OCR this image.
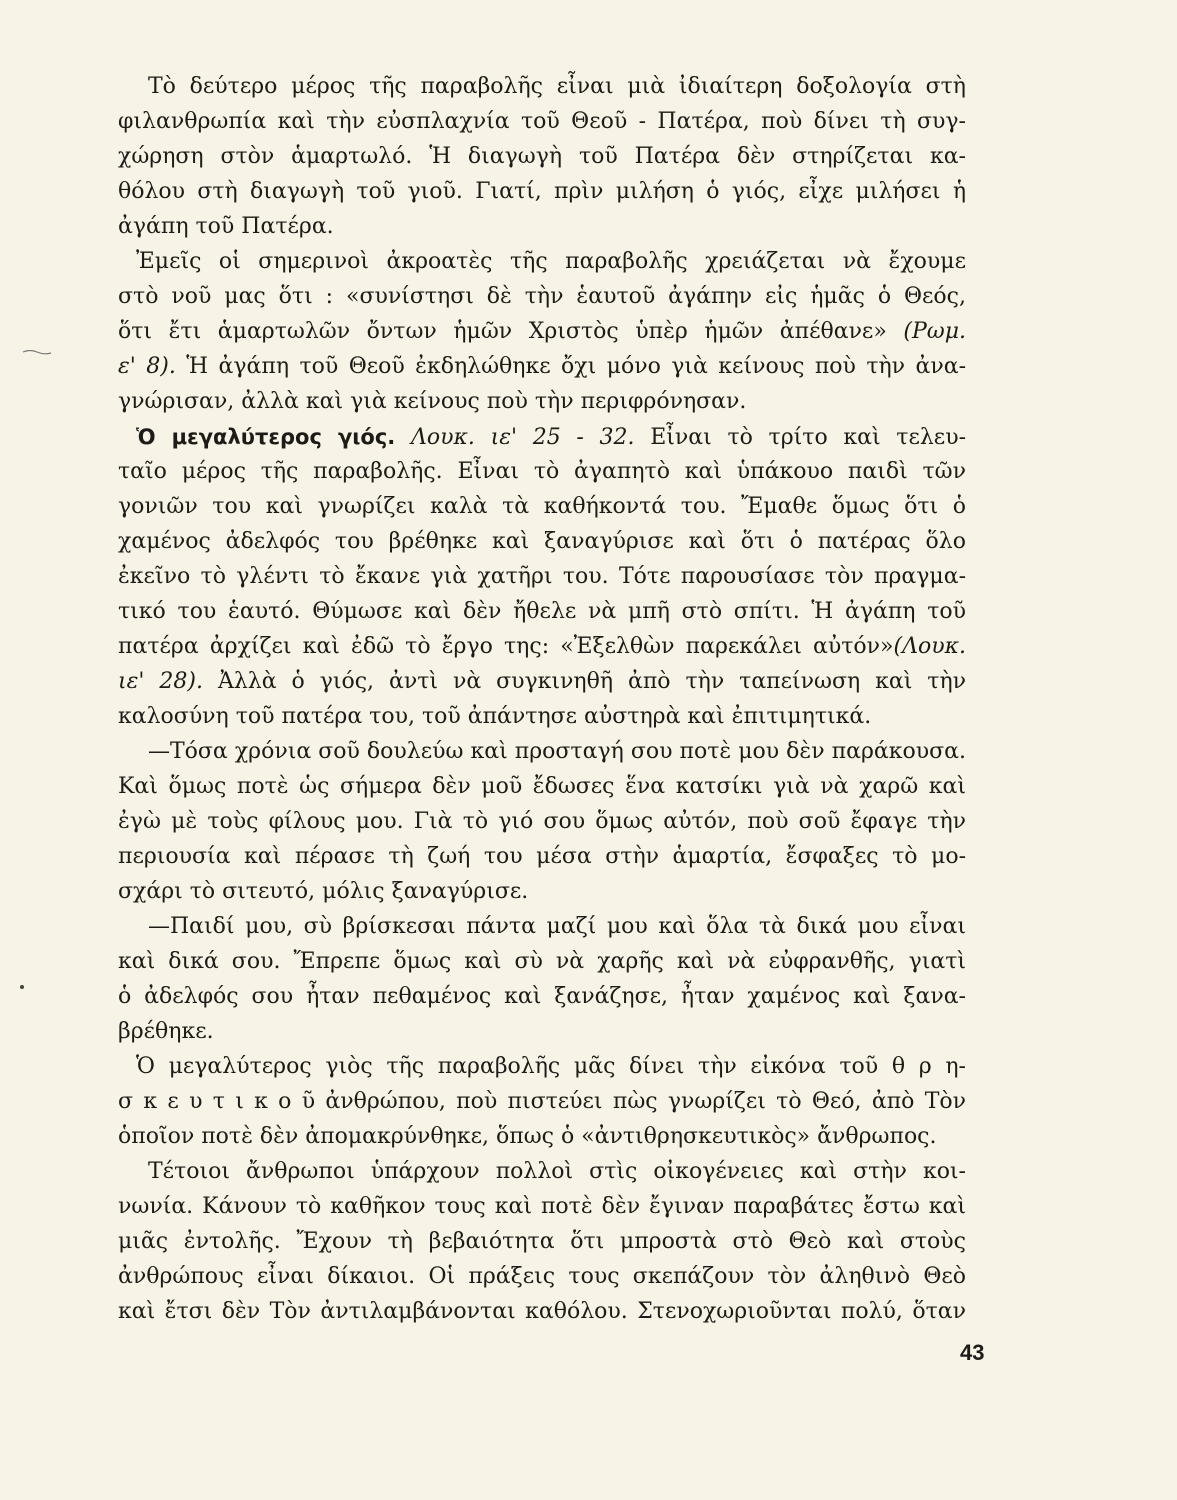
Τὸ δεύτερο μέρος τῆς παραβολῆς εἶναι μιὰ ἰδιαίτερη δοξολογία στὴ
φιλανθρωπία καὶ τὴν εὐσπλαχνία τοῦ Θεοῦ - Πατέρα, ποὺ δίνει τὴ συγ-
χώρηση στὸν ἁμαρτωλό. Ἡ διαγωγὴ τοῦ Πατέρα δὲν στηρίζεται κα-
θόλου στὴ διαγωγὴ τοῦ γιοῦ. Γιατί, πρὶν μιλήση ὁ γιός, εἶχε μιλήσει ἡ
ἀγάπη τοῦ Πατέρα.
Ἐμεῖς οἱ σημερινοὶ ἀκροατὲς τῆς παραβολῆς χρειάζεται νὰ ἔχουμε
στὸ νοῦ μας ὅτι : «συνίστησι δὲ τὴν ἑαυτοῦ ἀγάπην εἰς ἡμᾶς ὁ Θεός,
ὅτι ἔτι ἁμαρτωλῶν ὄντων ἡμῶν Χριστὸς ὑπὲρ ἡμῶν ἀπέθανε» (Ρωμ.
ε' 8). Ἡ ἀγάπη τοῦ Θεοῦ ἐκδηλώθηκε ὄχι μόνο γιὰ κείνους ποὺ τὴν ἀνα-
γνώρισαν, ἀλλὰ καὶ γιὰ κείνους ποὺ τὴν περιφρόνησαν.
Ὁ μεγαλύτερος γιός. Λουκ. ιε' 25 - 32. Εἶναι τὸ τρίτο καὶ τελευ-
ταῖο μέρος τῆς παραβολῆς. Εἶναι τὸ ἀγαπητὸ καὶ ὑπάκουο παιδὶ τῶν
γονιῶν του καὶ γνωρίζει καλὰ τὰ καθήκοντά του. Ἔμαθε ὅμως ὅτι ὁ
χαμένος ἀδελφός του βρέθηκε καὶ ξαναγύρισε καὶ ὅτι ὁ πατέρας ὅλο
ἐκεῖνο τὸ γλέντι τὸ ἔκανε γιὰ χατῆρι του. Τότε παρουσίασε τὸν πραγμα-
τικό του ἑαυτό. Θύμωσε καὶ δὲν ἤθελε νὰ μπῆ στὸ σπίτι. Ἡ ἀγάπη τοῦ
πατέρα ἀρχίζει καὶ ἐδῶ τὸ ἔργο της: «Ἐξελθὼν παρεκάλει αὐτόν»(Λουκ.
ιε' 28). Ἀλλὰ ὁ γιός, ἀντὶ νὰ συγκινηθῆ ἀπὸ τὴν ταπείνωση καὶ τὴν
καλοσύνη τοῦ πατέρα του, τοῦ ἀπάντησε αὐστηρὰ καὶ ἐπιτιμητικά.
—Τόσα χρόνια σοῦ δουλεύω καὶ προσταγή σου ποτὲ μου δὲν παράκουσα.
Καὶ ὅμως ποτὲ ὡς σήμερα δὲν μοῦ ἔδωσες ἕνα κατσίκι γιὰ νὰ χαρῶ καὶ
ἐγὼ μὲ τοὺς φίλους μου. Γιὰ τὸ γιό σου ὅμως αὐτόν, ποὺ σοῦ ἔφαγε τὴν
περιουσία καὶ πέρασε τὴ ζωή του μέσα στὴν ἁμαρτία, ἔσφαξες τὸ μο-
σχάρι τὸ σιτευτό, μόλις ξαναγύρισε.
—Παιδί μου, σὺ βρίσκεσαι πάντα μαζί μου καὶ ὅλα τὰ δικά μου εἶναι
καὶ δικά σου. Ἔπρεπε ὅμως καὶ σὺ νὰ χαρῆς καὶ νὰ εὐφρανθῆς, γιατὶ
ὁ ἀδελφός σου ἦταν πεθαμένος καὶ ξανάζησε, ἦταν χαμένος καὶ ξανα-
βρέθηκε.
Ὁ μεγαλύτερος γιὸς τῆς παραβολῆς μᾶς δίνει τὴν εἰκόνα τοῦ θ ρ η-
σ κ ε υ τ ι κ ο ῦ ἀνθρώπου, ποὺ πιστεύει πὼς γνωρίζει τὸ Θεό, ἀπὸ Τὸν
ὁποῖον ποτὲ δὲν ἀπομακρύνθηκε, ὅπως ὁ «ἀντιθρησκευτικὸς» ἄνθρωπος.
Τέτοιοι ἄνθρωποι ὑπάρχουν πολλοὶ στὶς οἰκογένειες καὶ στὴν κοι-
νωνία. Κάνουν τὸ καθῆκον τους καὶ ποτὲ δὲν ἔγιναν παραβάτες ἔστω καὶ
μιᾶς ἐντολῆς. Ἔχουν τὴ βεβαιότητα ὅτι μπροστὰ στὸ Θεὸ καὶ στοὺς
ἀνθρώπους εἶναι δίκαιοι. Οἱ πράξεις τους σκεπάζουν τὸν ἀληθινὸ Θεὸ
καὶ ἔτσι δὲν Τὸν ἀντιλαμβάνονται καθόλου. Στενοχωριοῦνται πολύ, ὅταν
43
